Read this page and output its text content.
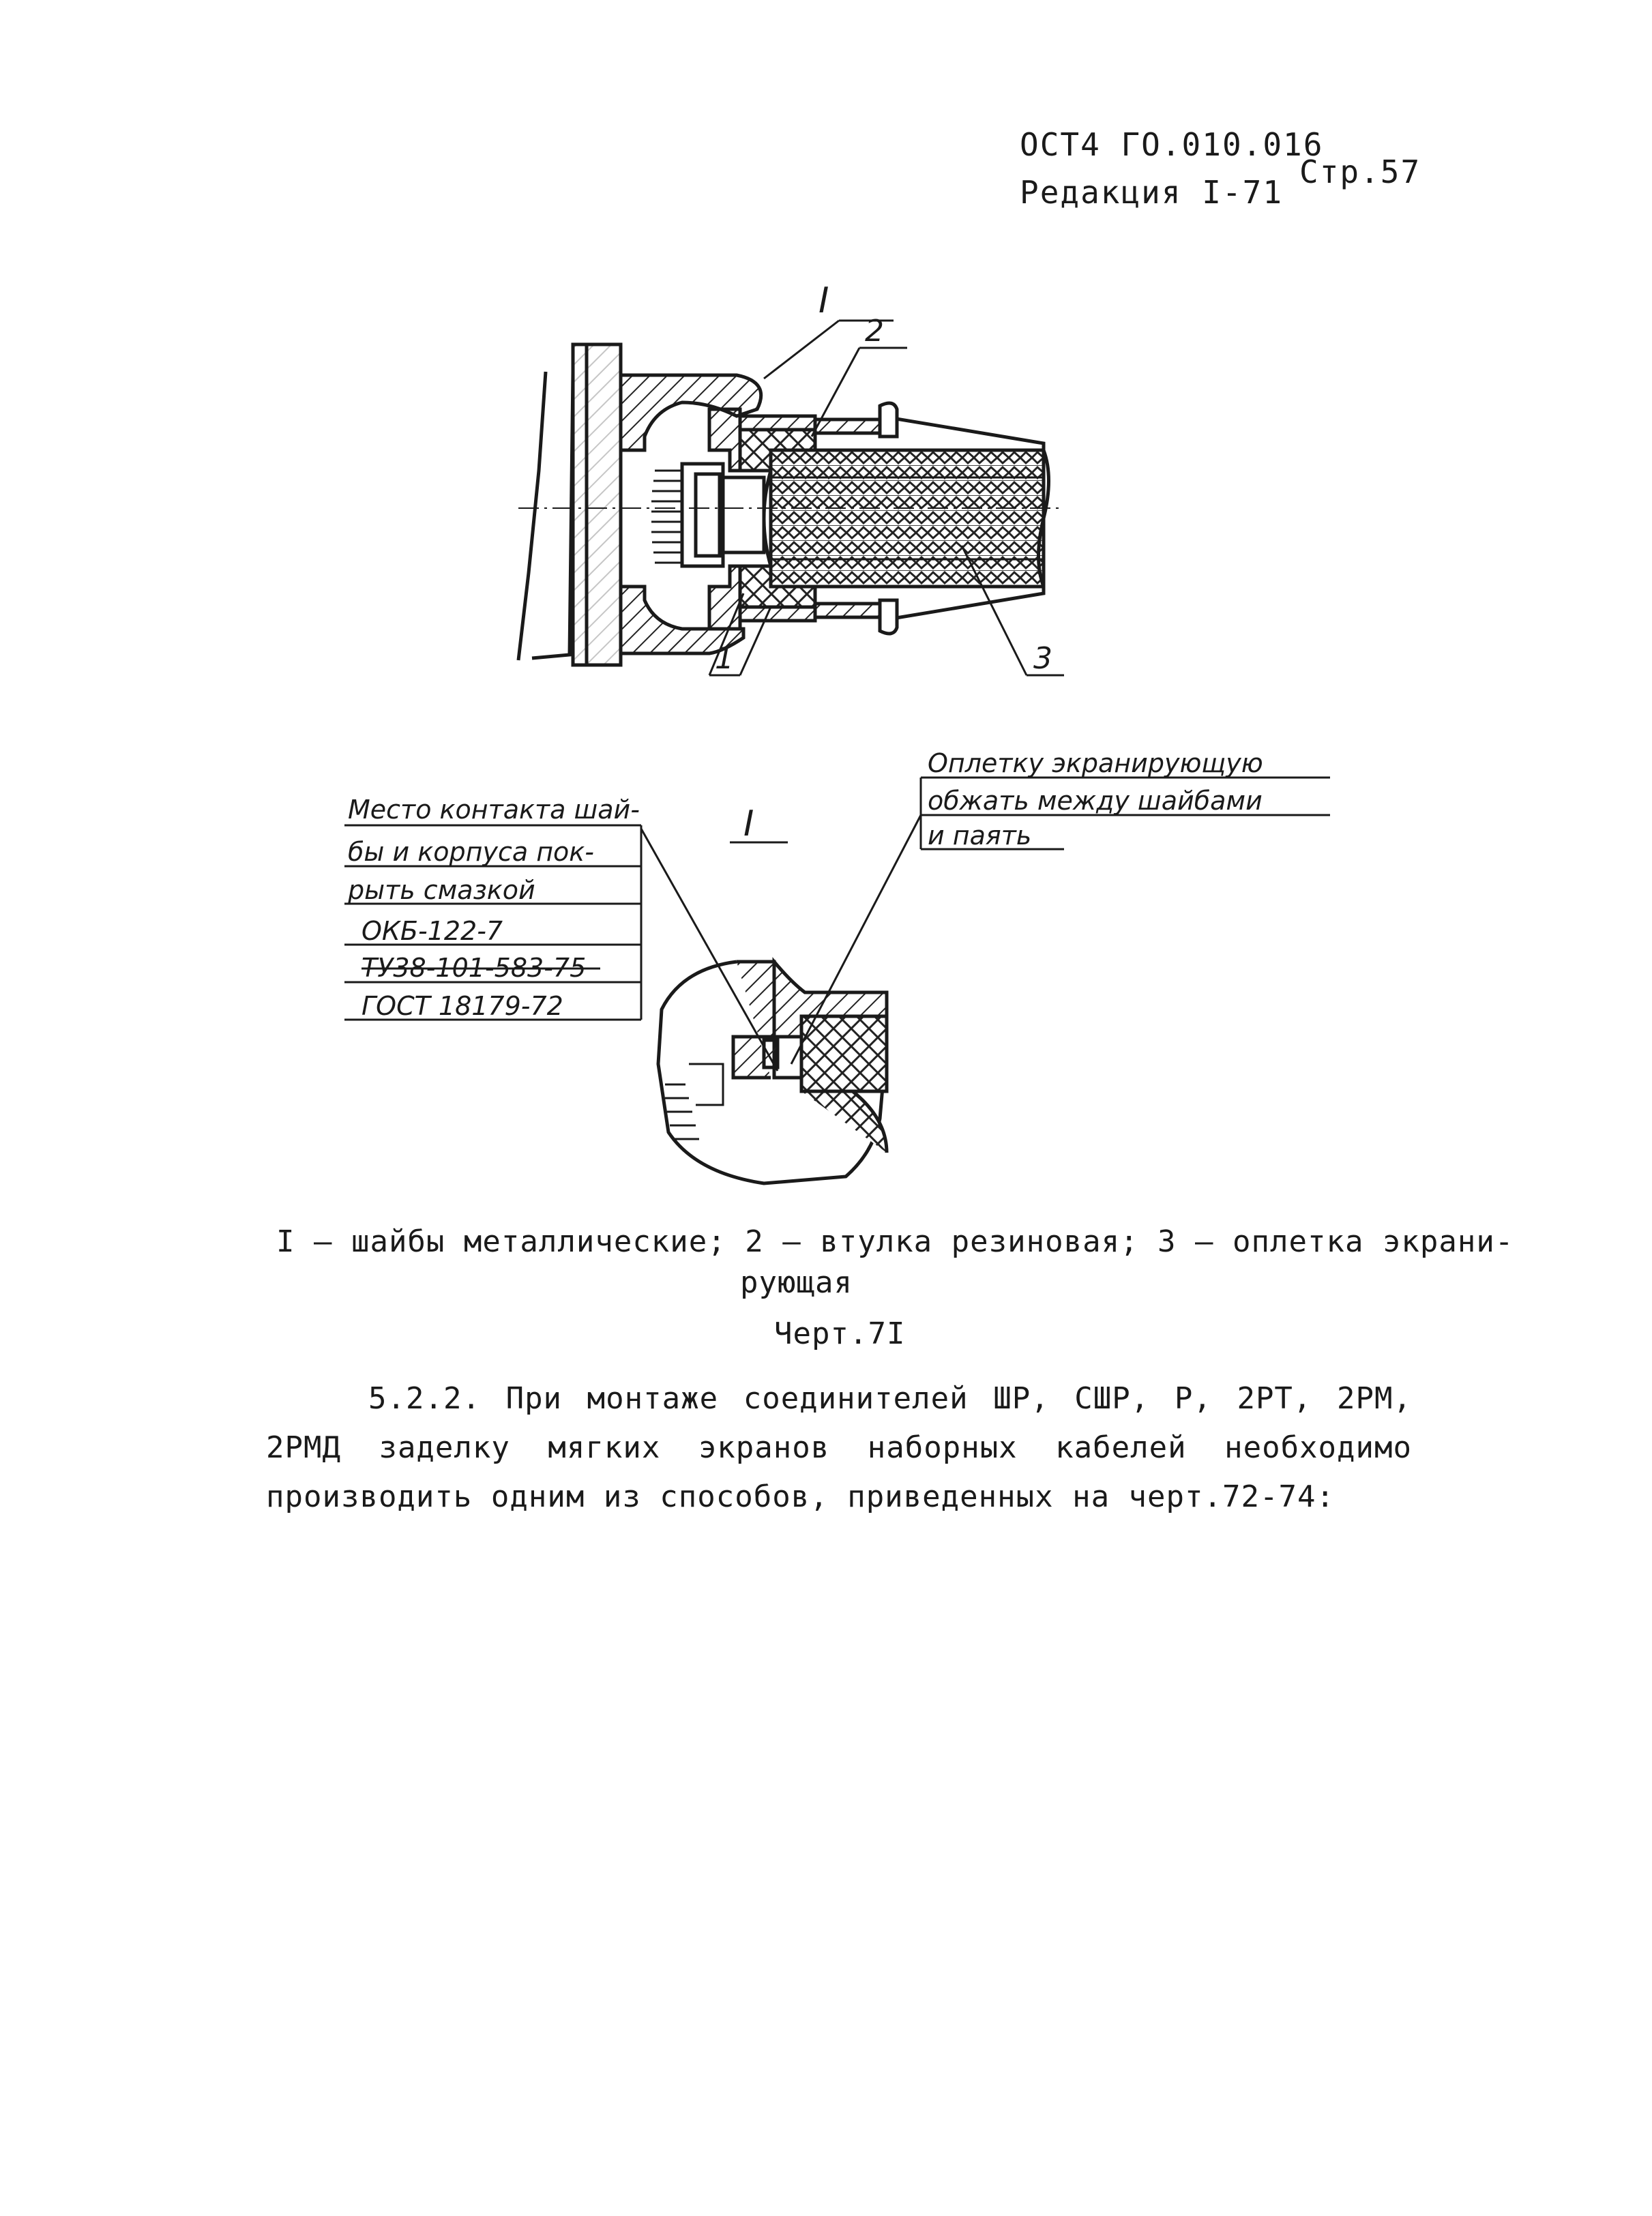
ОСТ4 ГО.010.016
Редакция I-71
Стр.57
I
2
1	3
I
Место контакта шай-
бы и корпуса пок-
рыть смазкой
ОКБ-122-7
ТУ38-101-583-75
ГОСТ 18179-72
Оплетку экранирующую
обжать между шайбами
и паять
I – шайбы металлические; 2 – втулка резиновая; 3 – оплетка экрани-
рующая
Черт.7I
5.2.2. При монтаже соединителей ШР, СШР, Р, 2РТ, 2РМ, 2РМД заделку мягких экранов наборных кабелей необходимо производить одним из способов, приведенных на черт.72-74:
